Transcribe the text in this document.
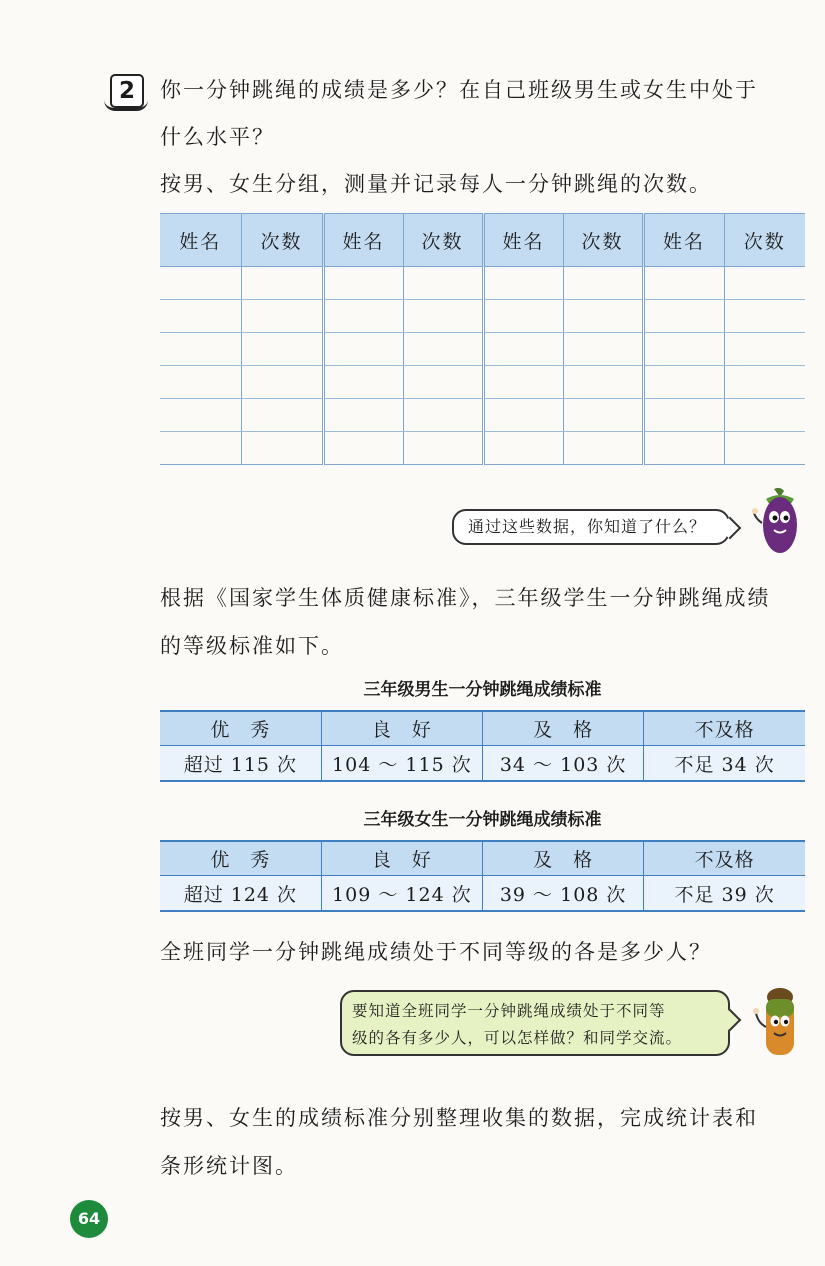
2	你一分钟跳绳的成绩是多少？在自己班级男生或女生中处于
什么水平？
按男、女生分组，测量并记录每人一分钟跳绳的次数。
姓名	次数	姓名	次数	姓名	次数	姓名	次数

通过这些数据，你知道了什么？
根据《国家学生体质健康标准》，三年级学生一分钟跳绳成绩
的等级标准如下。
三年级男生一分钟跳绳成绩标准
优　秀	良　好	及　格	不及格
超过 115 次	104 ～ 115 次	34 ～ 103 次	不足 34 次
三年级女生一分钟跳绳成绩标准
优　秀	良　好	及　格	不及格
超过 124 次	109 ～ 124 次	39 ～ 108 次	不足 39 次
全班同学一分钟跳绳成绩处于不同等级的各是多少人？
要知道全班同学一分钟跳绳成绩处于不同等
级的各有多少人，可以怎样做？和同学交流。
按男、女生的成绩标准分别整理收集的数据，完成统计表和
条形统计图。
64
